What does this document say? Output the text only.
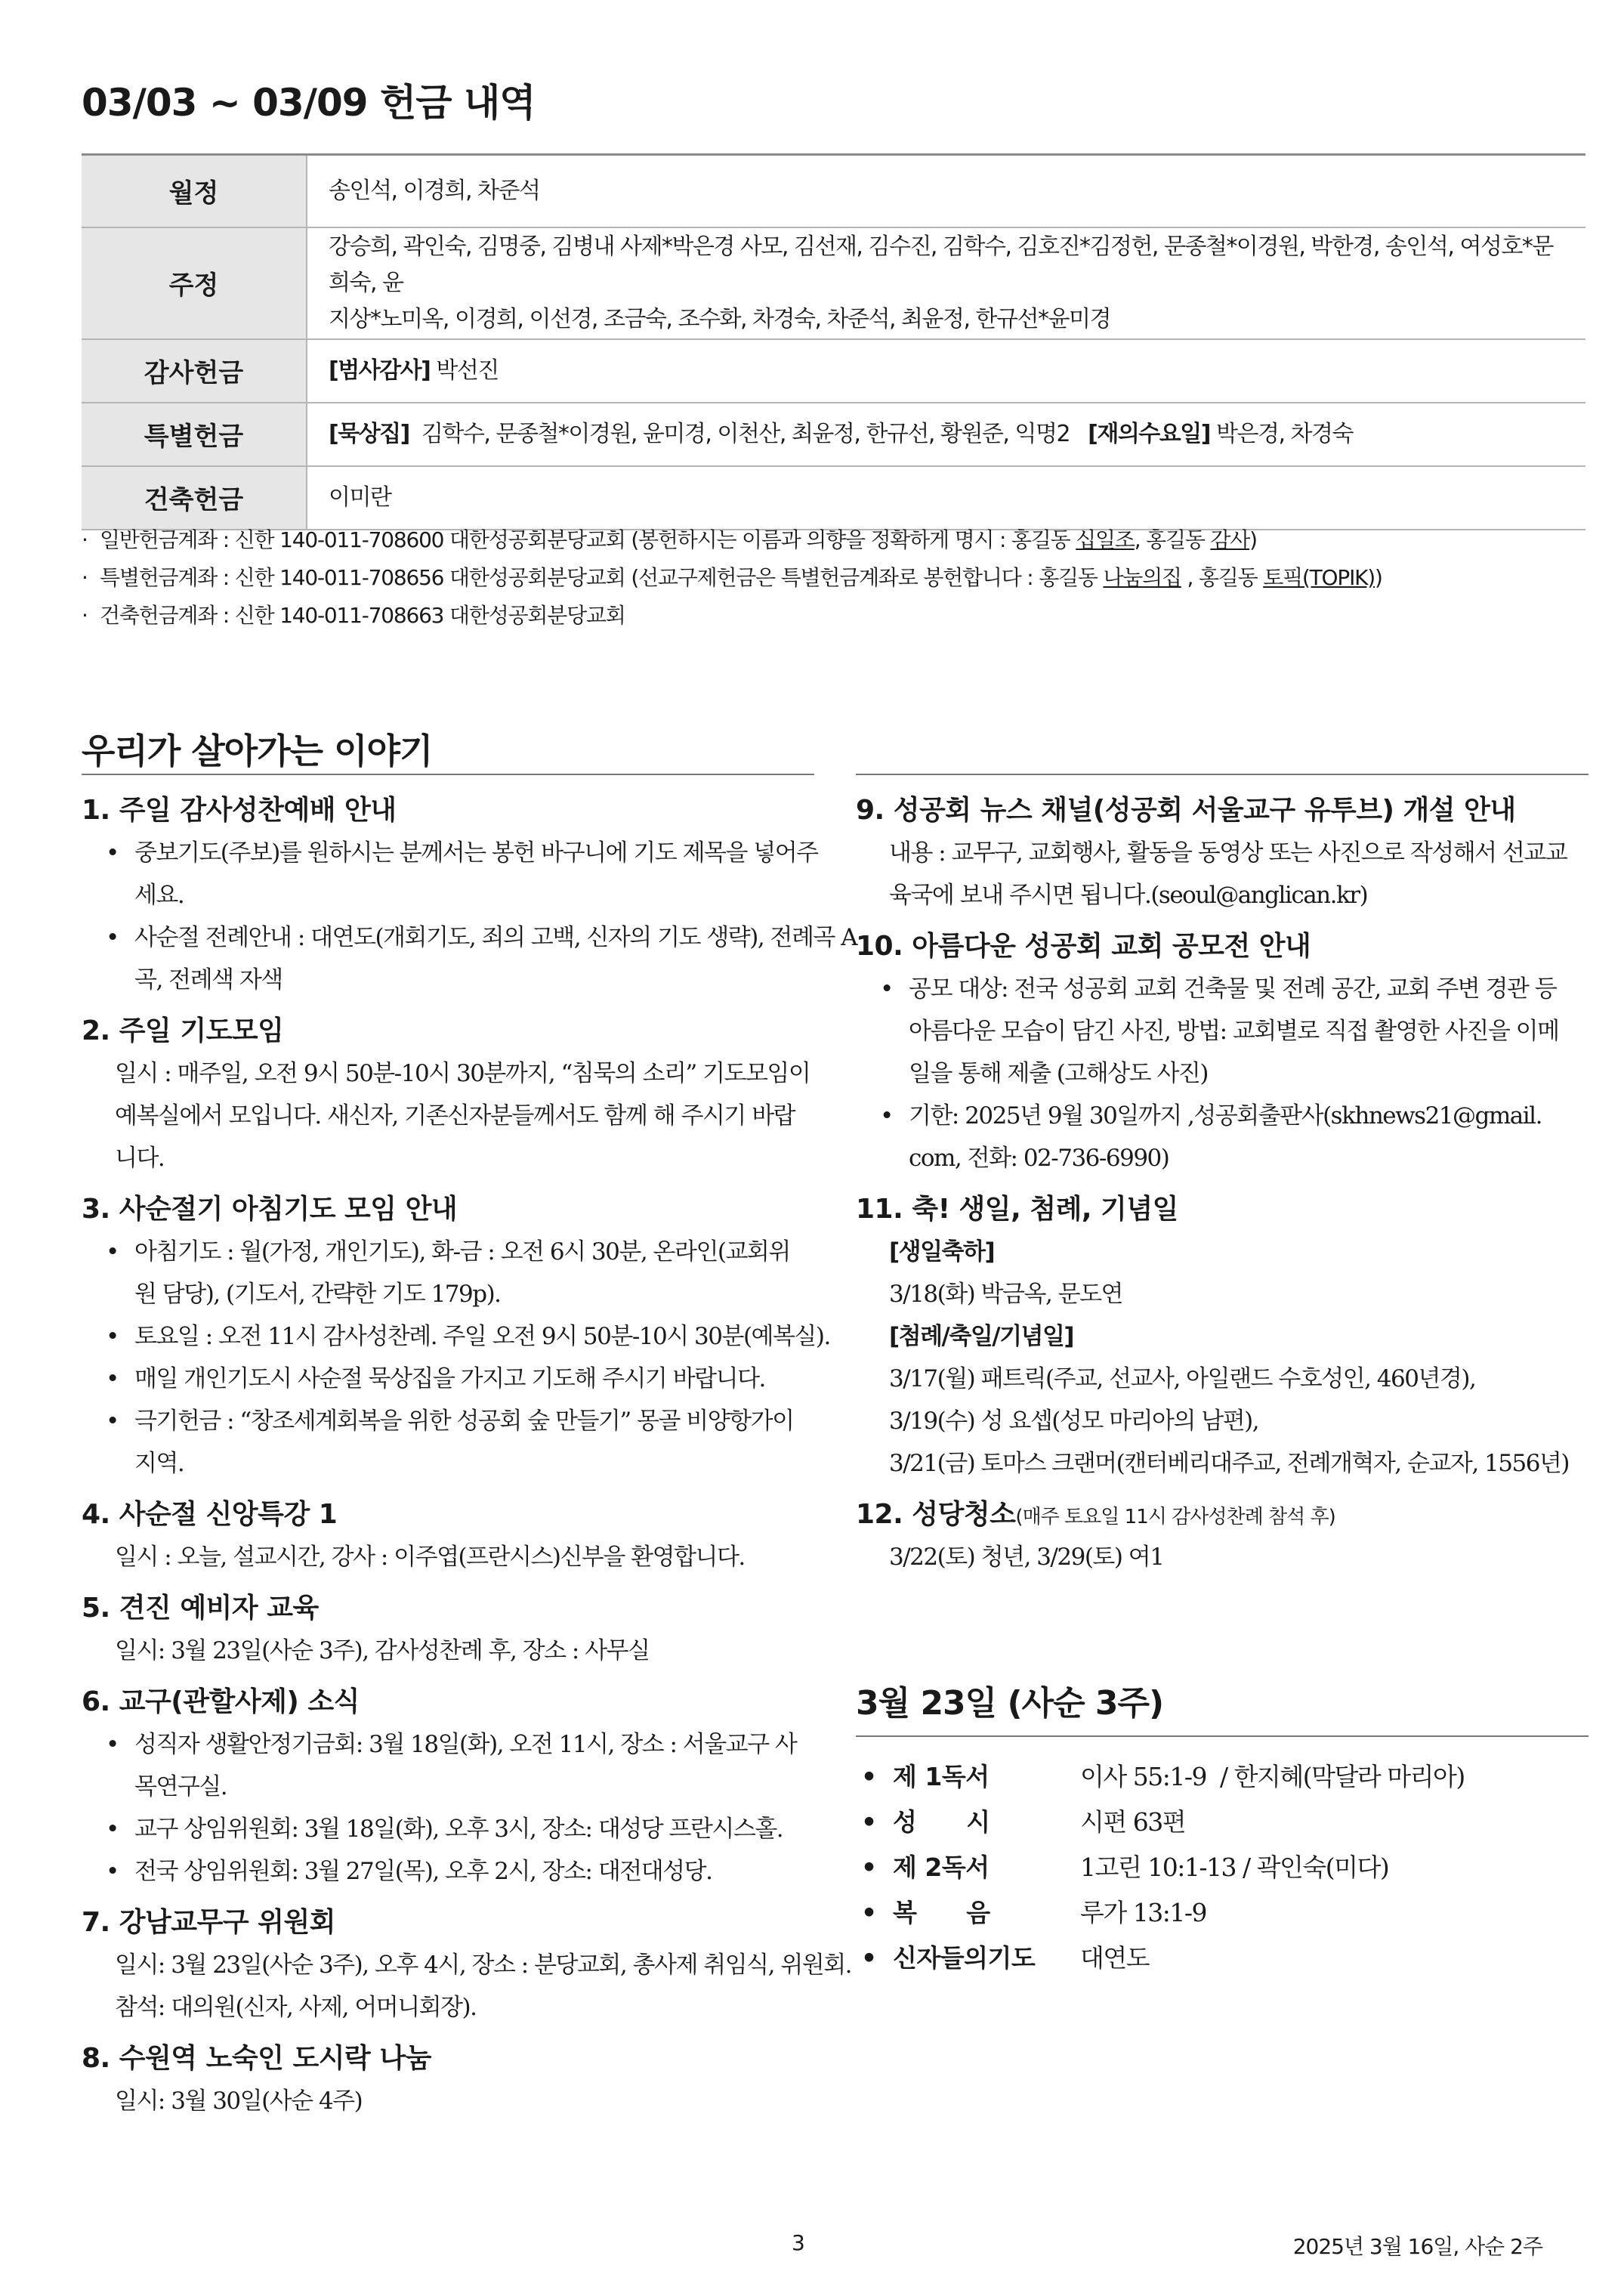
03/03 ~ 03/09 헌금 내역
월정	송인석, 이경희, 차준석
주정	강승희, 곽인숙, 김명중, 김병내 사제*박은경 사모, 김선재, 김수진, 김학수, 김호진*김정헌, 문종철*이경원, 박한경, 송인석, 여성호*문희숙, 윤
지상*노미옥, 이경희, 이선경, 조금숙, 조수화, 차경숙, 차준석, 최윤정, 한규선*윤미경

감사헌금	[범사감사] 박선진
특별헌금	[묵상집] 김학수, 문종철*이경원, 윤미경, 이천산, 최윤정, 한규선, 황원준, 익명2 [재의수요일] 박은경, 차경숙
건축헌금	이미란
· 일반헌금계좌 : 신한 140-011-708600 대한성공회분당교회 (봉헌하시는 이름과 의향을 정확하게 명시 : 홍길동 십일조, 홍길동 감사)
· 특별헌금계좌 : 신한 140-011-708656 대한성공회분당교회 (선교구제헌금은 특별헌금계좌로 봉헌합니다 : 홍길동 나눔의집 , 홍길동 토픽(TOPIK))
· 건축헌금계좌 : 신한 140-011-708663 대한성공회분당교회
우리가 살아가는 이야기
1. 주일 감사성찬예배 안내
• 중보기도(주보)를 원하시는 분께서는 봉헌 바구니에 기도 제목을 넣어주
세요.
• 사순절 전례안내 : 대연도(개회기도, 죄의 고백, 신자의 기도 생략), 전례곡 A
곡, 전례색 자색
2. 주일 기도모임
일시 : 매주일, 오전 9시 50분-10시 30분까지, “침묵의 소리” 기도모임이
예복실에서 모입니다. 새신자, 기존신자분들께서도 함께 해 주시기 바랍
니다.
3. 사순절기 아침기도 모임 안내
• 아침기도 : 월(가정, 개인기도), 화-금 : 오전 6시 30분, 온라인(교회위
원 담당), (기도서, 간략한 기도 179p).
• 토요일 : 오전 11시 감사성찬례. 주일 오전 9시 50분-10시 30분(예복실).
• 매일 개인기도시 사순절 묵상집을 가지고 기도해 주시기 바랍니다.
• 극기헌금 : “창조세계회복을 위한 성공회 숲 만들기” 몽골 비양항가이
지역.
4. 사순절 신앙특강 1
일시 : 오늘, 설교시간, 강사 : 이주엽(프란시스)신부을 환영합니다.
5. 견진 예비자 교육
일시: 3월 23일(사순 3주), 감사성찬례 후, 장소 : 사무실
6. 교구(관할사제) 소식
• 성직자 생활안정기금회: 3월 18일(화), 오전 11시, 장소 : 서울교구 사
목연구실.
• 교구 상임위원회: 3월 18일(화), 오후 3시, 장소: 대성당 프란시스홀.
• 전국 상임위원회: 3월 27일(목), 오후 2시, 장소: 대전대성당.
7. 강남교무구 위원회
일시: 3월 23일(사순 3주), 오후 4시, 장소 : 분당교회, 총사제 취임식, 위원회.
참석: 대의원(신자, 사제, 어머니회장).
8. 수원역 노숙인 도시락 나눔
일시: 3월 30일(사순 4주)
9. 성공회 뉴스 채널(성공회 서울교구 유투브) 개설 안내
내용 : 교무구, 교회행사, 활동을 동영상 또는 사진으로 작성해서 선교교
육국에 보내 주시면 됩니다.(seoul@anglican.kr)
10. 아름다운 성공회 교회 공모전 안내
• 공모 대상: 전국 성공회 교회 건축물 및 전례 공간, 교회 주변 경관 등
아름다운 모습이 담긴 사진, 방법: 교회별로 직접 촬영한 사진을 이메
일을 통해 제출 (고해상도 사진)
• 기한: 2025년 9월 30일까지 ,성공회출판사(skhnews21@gmail.
com, 전화: 02-736-6990)
11. 축! 생일, 첨례, 기념일
[생일축하]
3/18(화) 박금옥, 문도연
[첨례/축일/기념일]
3/17(월) 패트릭(주교, 선교사, 아일랜드 수호성인, 460년경),
3/19(수) 성 요셉(성모 마리아의 남편),
3/21(금) 토마스 크랜머(캔터베리대주교, 전례개혁자, 순교자, 1556년)
12. 성당청소(매주 토요일 11시 감사성찬례 참석 후)
3/22(토) 청년, 3/29(토) 여1
3월 23일 (사순 3주)
• 제 1독서	이사 55:1-9  / 한지혜(막달라 마리아)
• 성      시	시편 63편
• 제 2독서	1고린 10:1-13 / 곽인숙(미다)
• 복      음	루가 13:1-9
• 신자들의기도 대연도
3	2025년 3월 16일, 사순 2주
